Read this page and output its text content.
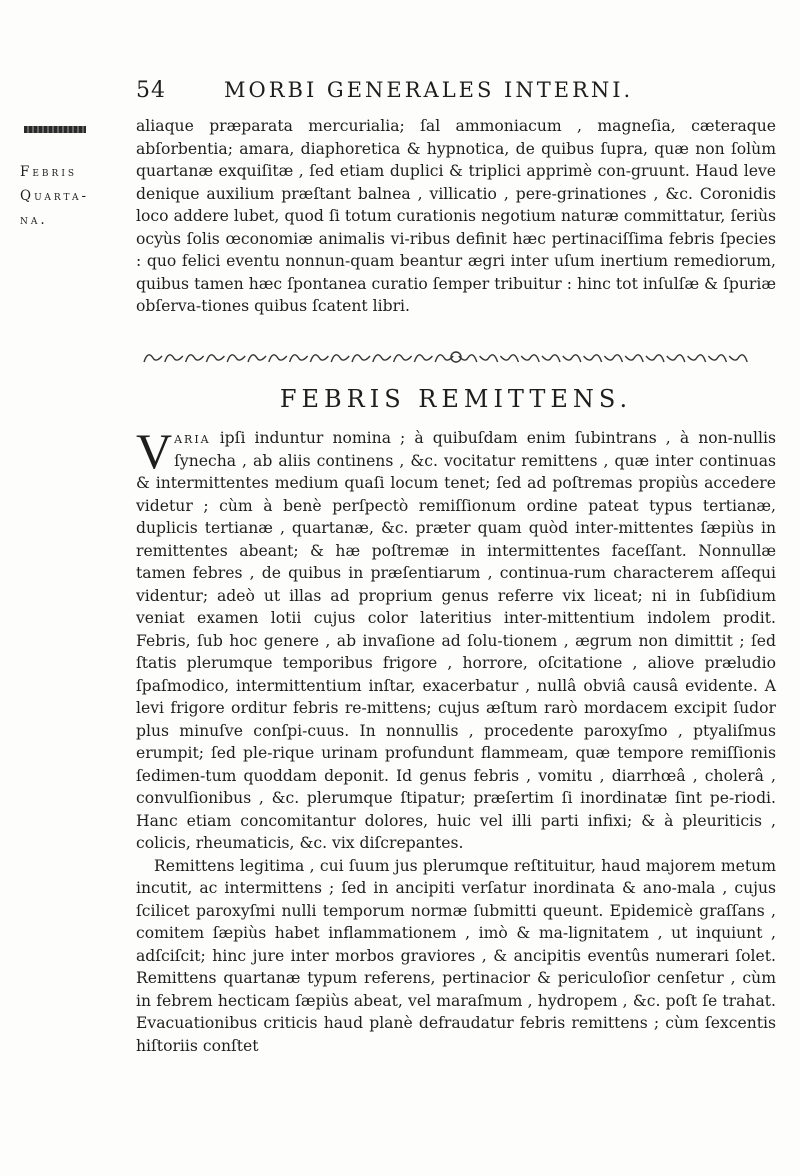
54	MORBI GENERALES INTERNI.
Febris
Quarta-
na.

aliaque præparata mercurialia; ſal ammoniacum , magneſia, cæteraque abſorbentia; amara, diaphoretica & hypnotica, de quibus ſupra, quæ non ſolùm quartanæ exquiſitæ , ſed etiam duplici & triplici apprimè con-gruunt. Haud leve denique auxilium præſtant balnea , villicatio , pere-grinationes , &c. Coronidis loco addere lubet, quod ſi totum curationis negotium naturæ committatur, ſeriùs ocyùs ſolis œconomiæ animalis vi-ribus definit hæc pertinaciſſima febris ſpecies : quo felici eventu nonnun-quam beantur ægri inter uſum inertium remediorum, quibus tamen hæc ſpontanea curatio ſemper tribuitur : hinc tot inſulſæ & ſpuriæ obſerva-tiones quibus ſcatent libri.

FEBRIS REMITTENS.

Varia ipſi induntur nomina ; à quibuſdam enim ſubintrans , à non-nullis ſynecha , ab aliis continens , &c. vocitatur remittens , quæ inter continuas & intermittentes medium quaſi locum tenet; ſed ad poſtremas propiùs accedere videtur ; cùm à benè perſpectò remiſſionum ordine pateat typus tertianæ, duplicis tertianæ , quartanæ, &c. præter quam quòd inter-mittentes ſæpiùs in remittentes abeant; & hæ poſtremæ in intermittentes faceſſant. Nonnullæ tamen febres , de quibus in præſentiarum , continua-rum characterem aſſequi videntur; adeò ut illas ad proprium genus referre vix liceat; ni in ſubſidium veniat examen lotii cujus color lateritius inter-mittentium indolem prodit. Febris, ſub hoc genere , ab invaſione ad ſolu-tionem , ægrum non dimittit ; ſed ſtatis plerumque temporibus frigore , horrore, oſcitatione , aliove præludio ſpaſmodico, intermittentium inſtar, exacerbatur , nullâ obviâ causâ evidente. A levi frigore orditur febris re-mittens; cujus æſtum rarò mordacem excipit ſudor plus minuſve conſpi-cuus. In nonnullis , procedente paroxyſmo , ptyaliſmus erumpit; ſed ple-rique urinam profundunt flammeam, quæ tempore remiſſionis ſedimen-tum quoddam deponit. Id genus febris , vomitu , diarrhœâ , cholerâ , convulſionibus , &c. plerumque ſtipatur; præſertim ſi inordinatæ ſint pe-riodi. Hanc etiam concomitantur dolores, huic vel illi parti infixi; & à pleuriticis , colicis, rheumaticis, &c. vix diſcrepantes.
Remittens legitima , cui ſuum jus plerumque reſtituitur, haud majorem metum incutit, ac intermittens ; ſed in ancipiti verſatur inordinata & ano-mala , cujus ſcilicet paroxyſmi nulli temporum normæ ſubmitti queunt. Epidemicè graſſans , comitem ſæpiùs habet inflammationem , imò & ma-lignitatem , ut inquiunt , adſciſcit; hinc jure inter morbos graviores , & ancipitis eventûs numerari ſolet. Remittens quartanæ typum referens, pertinacior & periculoſior cenſetur , cùm in febrem hecticam ſæpiùs abeat, vel maraſmum , hydropem , &c. poſt ſe trahat. Evacuationibus criticis haud planè defraudatur febris remittens ; cùm ſexcentis hiſtoriis conſtet
